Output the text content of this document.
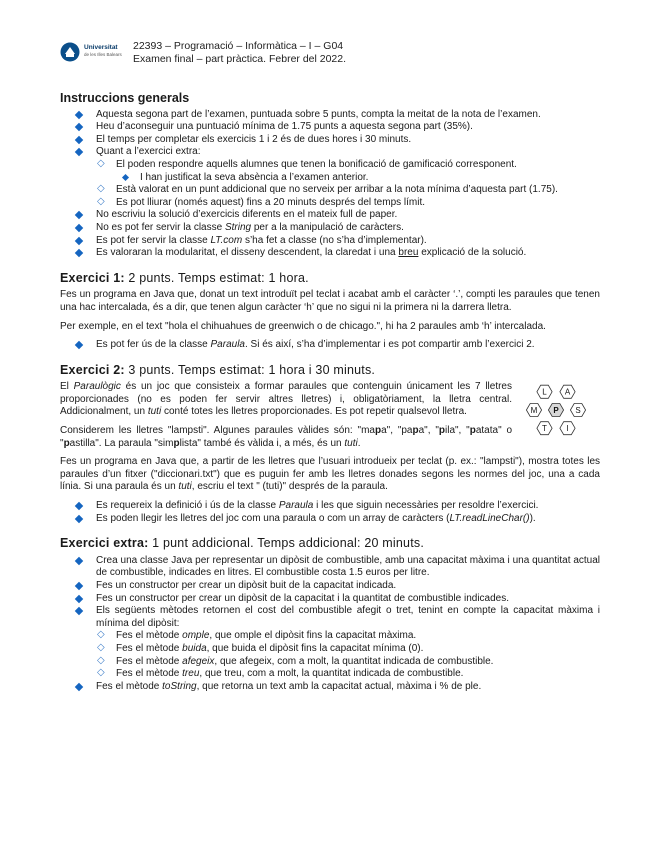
Universitat
de les Illes Balears
22393 – Programació – Informàtica – I – G04
Examen final – part pràctica. Febrer del 2022.
Instruccions generals
Aquesta segona part de l’examen, puntuada sobre 5 punts, compta la meitat de la nota de l’examen.
Heu d’aconseguir una puntuació mínima de 1.75 punts a aquesta segona part (35%).
El temps per completar els exercicis 1 i 2 és de dues hores i 30 minuts.
Quant a l’exercici extra:
◇ El poden respondre aquells alumnes que tenen la bonificació de gamificació corresponent.
I han justificat la seva absència a l’examen anterior.
◇ Està valorat en un punt addicional que no serveix per arribar a la nota mínima d’aquesta part (1.75).
◇ Es pot lliurar (només aquest) fins a 20 minuts després del temps límit.
No escriviu la solució d’exercicis diferents en el mateix full de paper.
No es pot fer servir la classe String per a la manipulació de caràcters.
Es pot fer servir la classe LT.com s’ha fet a classe (no s’ha d’implementar).
Es valoraran la modularitat, el disseny descendent, la claredat i una breu explicació de la solució.
Exercici 1: 2 punts. Temps estimat: 1 hora.

Fes un programa en Java que, donat un text introduït pel teclat i acabat amb el caràcter ‘.’, compti les paraules que tenen una hac intercalada, és a dir, que tenen algun caràcter ‘h’ que no sigui ni la primera ni la darrera lletra.

Per exemple, en el text "hola el chihuahues de greenwich o de chicago.", hi ha 2 paraules amb ‘h’ intercalada.

Es pot fer ús de la classe Paraula. Si és així, s’ha d’implementar i es pot compartir amb l’exercici 2.
Exercici 2: 3 punts. Temps estimat: 1 hora i 30 minuts.

El Paraulògic és un joc que consisteix a formar paraules que contenguin únicament les 7 lletres proporcionades (no es poden fer servir altres lletres) i, obligatòriament, la lletra central. Addicionalment, un tuti conté totes les lletres proporcionades. Es pot repetir qualsevol lletra.

Considerem les lletres "lampsti". Algunes paraules vàlides són: "mapa", "papa", "pila", "patata" o "pastilla". La paraula "simplista" també és vàlida i, a més, és un tuti.

L A
M P S
T I

Fes un programa en Java que, a partir de les lletres que l’usuari introdueix per teclat (p. ex.: "lampsti"), mostra totes les paraules d’un fitxer ("diccionari.txt") que es puguin fer amb les lletres donades segons les normes del joc, una a cada línia. Si una paraula és un tuti, escriu el text " (tuti)" després de la paraula.

Es requereix la definició i ús de la classe Paraula i les que siguin necessàries per resoldre l’exercici.
Es poden llegir les lletres del joc com una paraula o com un array de caràcters (LT.readLineChar()).
Exercici extra: 1 punt addicional. Temps addicional: 20 minuts.
Crea una classe Java per representar un dipòsit de combustible, amb una capacitat màxima i una quantitat actual de combustible, indicades en litres. El combustible costa 1.5 euros per litre.
Fes un constructor per crear un dipòsit buit de la capacitat indicada.
Fes un constructor per crear un dipòsit de la capacitat i la quantitat de combustible indicades.
Els següents mètodes retornen el cost del combustible afegit o tret, tenint en compte la capacitat màxima i mínima del dipòsit:
◇ Fes el mètode omple, que omple el dipòsit fins la capacitat màxima.
◇ Fes el mètode buida, que buida el dipòsit fins la capacitat mínima (0).
◇ Fes el mètode afegeix, que afegeix, com a molt, la quantitat indicada de combustible.
◇ Fes el mètode treu, que treu, com a molt, la quantitat indicada de combustible.
Fes el mètode toString, que retorna un text amb la capacitat actual, màxima i % de ple.
